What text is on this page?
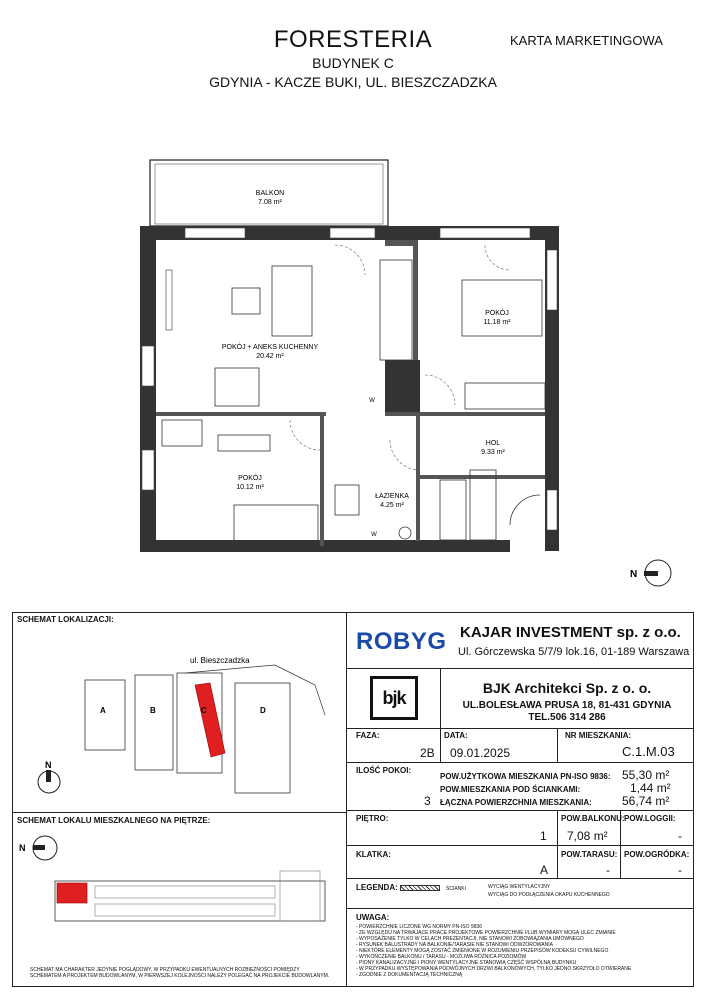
FORESTERIA
BUDYNEK C
GDYNIA - KACZE BUKI, UL. BIESZCZADZKA
KARTA MARKETINGOWA
BALKON
7.08 m²
POKÓJ + ANEKS KUCHENNY
20.42 m²
POKÓJ
11.18 m²
POKÓJ
10.12 m²
HOL
9.33 m²
ŁAZIENKA
4.25 m²
W
W
N
SCHEMAT LOKALIZACJI:
ul. Bieszczadzka
A	B	C	D
N
SCHEMAT LOKALU MIESZKALNEGO NA PIĘTRZE:
N
SCHEMAT MA CHARAKTER JEDYNIE POGLĄDOWY, W PRZYPADKU EWENTUALNYCH ROZBIEŻNOŚCI POMIĘDZY SCHEMATEM A PROJEKTEM BUDOWLANYM, W PIERWSZEJ KOLEJNOŚCI NALEŻY POLEGAĆ NA PROJEKCIE BUDOWLANYM.
ROBYG KAJAR INVESTMENT sp. z o.o.
Ul. Górczewska 5/7/9 lok.16, 01-189 Warszawa
bjk	BJK Architekci Sp. z o. o.
UL.BOLESŁAWA PRUSA 18, 81-431 GDYNIA
TEL.506 314 286
FAZA:
2B
DATA:
09.01.2025
NR MIESZKANIA:
C.1.M.03
ILOŚĆ POKOI:
3
POW.UŻYTKOWA MIESZKANIA PN-ISO 9836: 55,30 m²
POW.MIESZKANIA POD ŚCIANKAMI:	1,44 m²
ŁĄCZNA POWIERZCHNIA MIESZKANIA:	56,74 m²
PIĘTRO:
1
POW.BALKONU:
7,08 m²
POW.LOGGII:
-
KLATKA:
A
POW.TARASU:
-
POW.OGRÓDKA:
-
LEGENDA:	ŚCIANKI	WYCIĄG WENTYLACYJNY
WYCIĄG DO PODŁĄCZENIA OKAPU KUCHENNEGO
UWAGA:
- POWIERZCHNIE LICZONE WG NORMY PN-ISO 9836
- ZE WZGLĘDU NA TRWAJĄCE PRACE PROJEKTOWE POWIERZCHNIE I/LUB WYMIARY MOGĄ ULEC ZMIANIE
- WYPOSAŻENIE TYLKO W CELACH PREZENTACJI, NIE STANOWI ZOBOWIĄZANIA UMOWNEGO
- RYSUNEK BALUSTRADY NA BALKONIE/TARASIE NIE STANOWI ODWZOROWANIA
- NIEKTÓRE ELEMENTY MOGĄ ZOSTAĆ ZMIENIONE W ROZUMIENIU PRZEPISÓW KODEKSU CYWILNEGO
- WYKOŃCZENIE BALKONU / TARASU - MOŻLIWA RÓŻNICA POZIOMÓW
- PIONY KANALIZACYJNE I PIONY WENTYLACYJNE STANOWIĄ CZĘŚĆ WSPÓLNĄ BUDYNKU
- W PRZYPADKU WYSTĘPOWANIA PODWÓJNYCH DRZWI BALKONOWYCH, TYLKO JEDNO SKRZYDŁO OTWIERANE
- ZGODNIE Z DOKUMENTACJĄ TECHNICZNĄ
